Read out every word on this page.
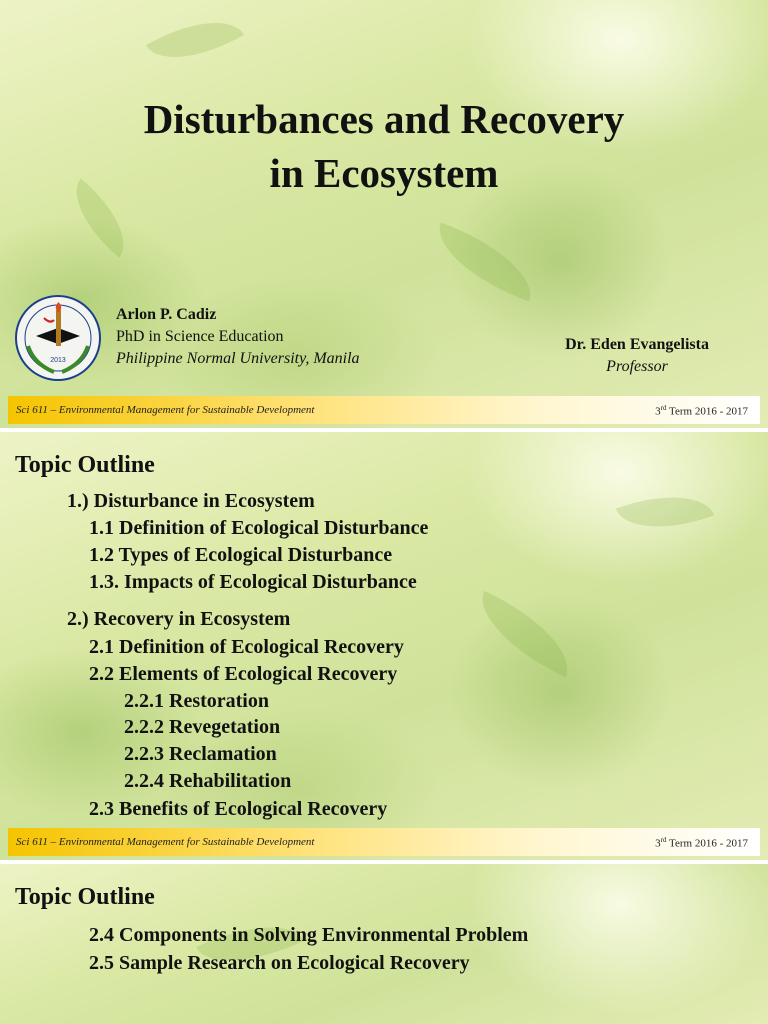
Disturbances and Recovery
in Ecosystem
2013
Arlon P. Cadiz
PhD in Science Education
Philippine Normal University, Manila
Dr. Eden Evangelista
Professor
Sci 611 – Environmental Management for Sustainable Development	3rd Term 2016 - 2017
Topic Outline
1.) Disturbance in Ecosystem
1.1 Definition of Ecological Disturbance
1.2 Types of Ecological Disturbance
1.3. Impacts of Ecological Disturbance
2.) Recovery in Ecosystem
2.1 Definition of Ecological Recovery
2.2 Elements of Ecological Recovery
2.2.1 Restoration
2.2.2 Revegetation
2.2.3 Reclamation
2.2.4 Rehabilitation
2.3 Benefits of Ecological Recovery
Sci 611 – Environmental Management for Sustainable Development	3rd Term 2016 - 2017
Topic Outline
2.4 Components in Solving Environmental Problem
2.5 Sample Research on Ecological Recovery
